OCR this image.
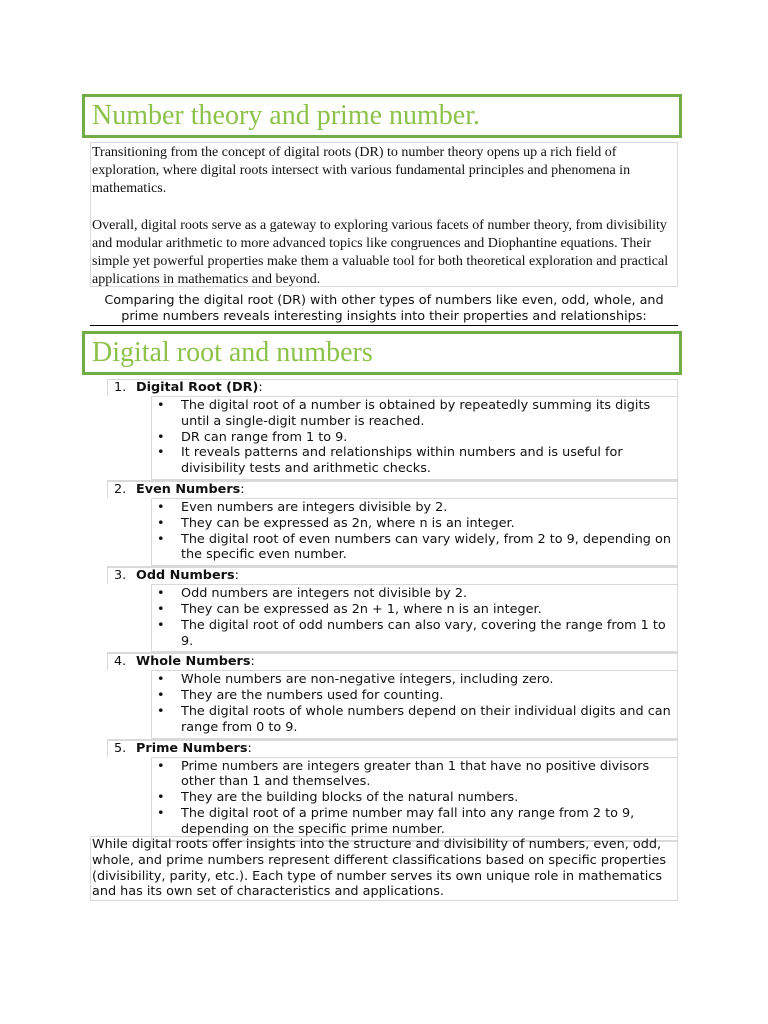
Number theory and prime number.

Transitioning from the concept of digital roots (DR) to number theory opens up a rich field of exploration, where digital roots intersect with various fundamental principles and phenomena in mathematics.

Overall, digital roots serve as a gateway to exploring various facets of number theory, from divisibility and modular arithmetic to more advanced topics like congruences and Diophantine equations. Their simple yet powerful properties make them a valuable tool for both theoretical exploration and practical applications in mathematics and beyond.

Comparing the digital root (DR) with other types of numbers like even, odd, whole, and prime numbers reveals interesting insights into their properties and relationships:
Digital root and numbers
1. Digital Root (DR):
• The digital root of a number is obtained by repeatedly summing its digits until a single-digit number is reached.
• DR can range from 1 to 9.
• It reveals patterns and relationships within numbers and is useful for divisibility tests and arithmetic checks.
2. Even Numbers:
• Even numbers are integers divisible by 2.
• They can be expressed as 2n, where n is an integer.
• The digital root of even numbers can vary widely, from 2 to 9, depending on the specific even number.
3. Odd Numbers:
• Odd numbers are integers not divisible by 2.
• They can be expressed as 2n + 1, where n is an integer.
• The digital root of odd numbers can also vary, covering the range from 1 to 9.
4. Whole Numbers:
• Whole numbers are non-negative integers, including zero.
• They are the numbers used for counting.
• The digital roots of whole numbers depend on their individual digits and can range from 0 to 9.
5. Prime Numbers:
• Prime numbers are integers greater than 1 that have no positive divisors other than 1 and themselves.
• They are the building blocks of the natural numbers.
• The digital root of a prime number may fall into any range from 2 to 9, depending on the specific prime number.
While digital roots offer insights into the structure and divisibility of numbers, even, odd, whole, and prime numbers represent different classifications based on specific properties (divisibility, parity, etc.). Each type of number serves its own unique role in mathematics and has its own set of characteristics and applications.
